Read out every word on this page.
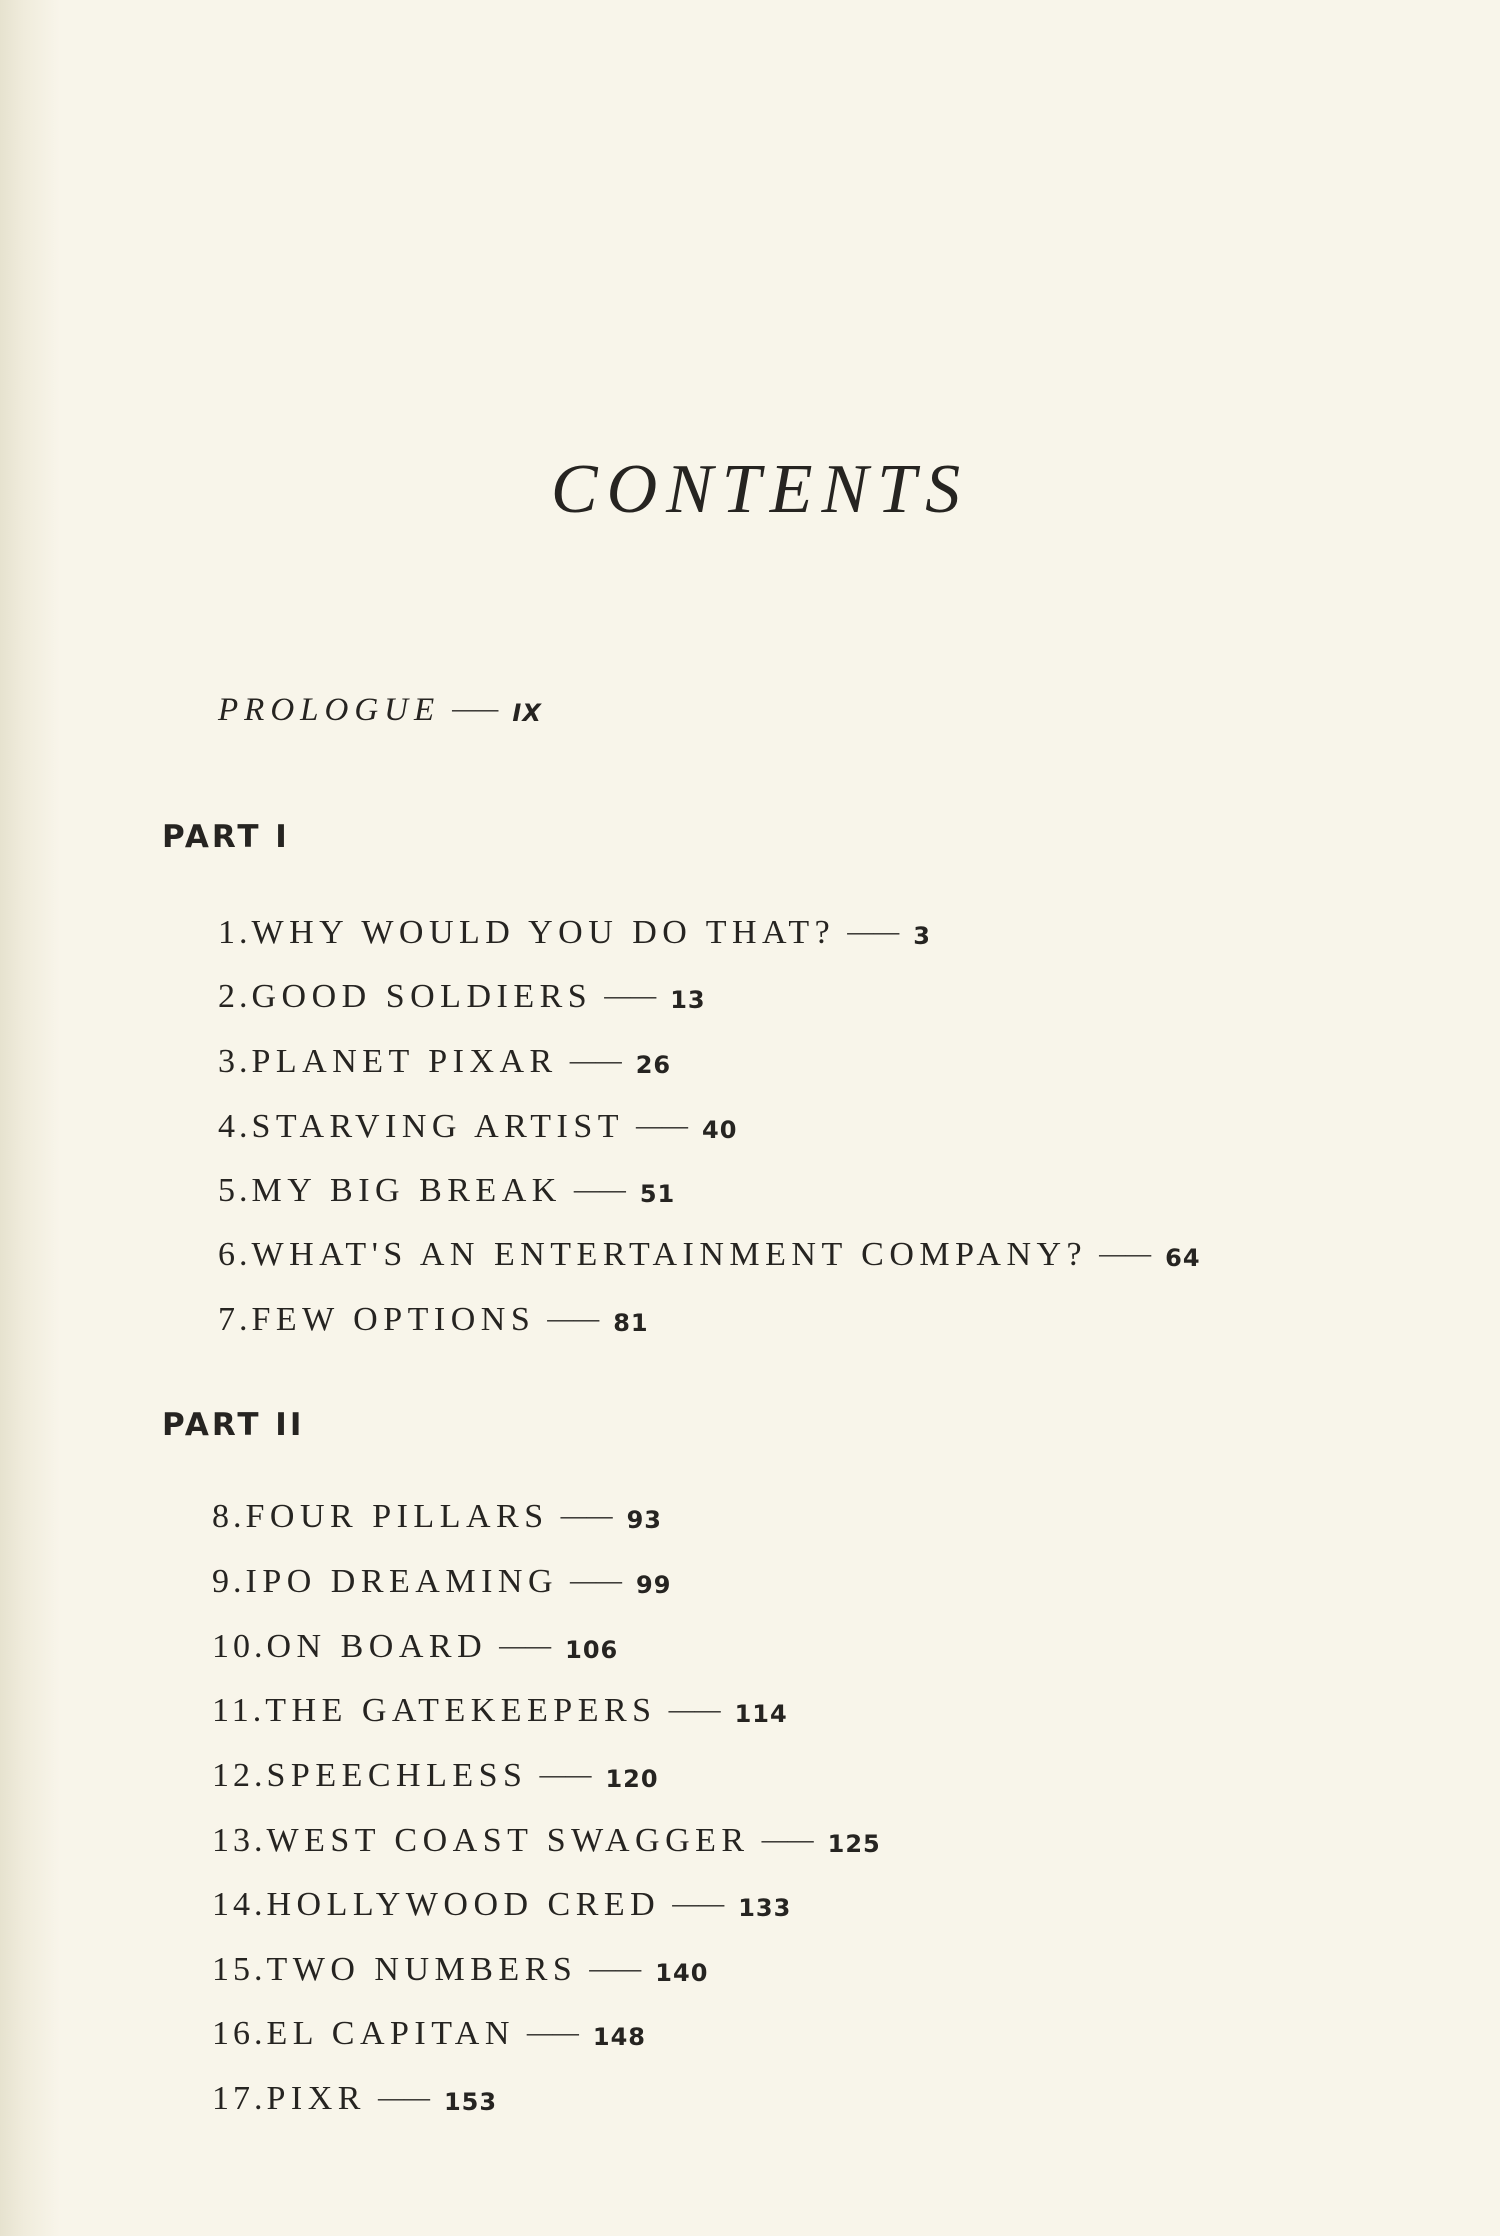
CONTENTS
PROLOGUE —— IX
PART I
1.WHY WOULD YOU DO THAT? —— 3
2.GOOD SOLDIERS —— 13
3.PLANET PIXAR —— 26
4.STARVING ARTIST —— 40
5.MY BIG BREAK —— 51
6.WHAT'S AN ENTERTAINMENT COMPANY? —— 64
7.FEW OPTIONS —— 81
PART II
8.FOUR PILLARS —— 93
9.IPO DREAMING —— 99
10.ON BOARD —— 106
11.THE GATEKEEPERS —— 114
12.SPEECHLESS —— 120
13.WEST COAST SWAGGER —— 125
14.HOLLYWOOD CRED —— 133
15.TWO NUMBERS —— 140
16.EL CAPITAN —— 148
17.PIXR —— 153
